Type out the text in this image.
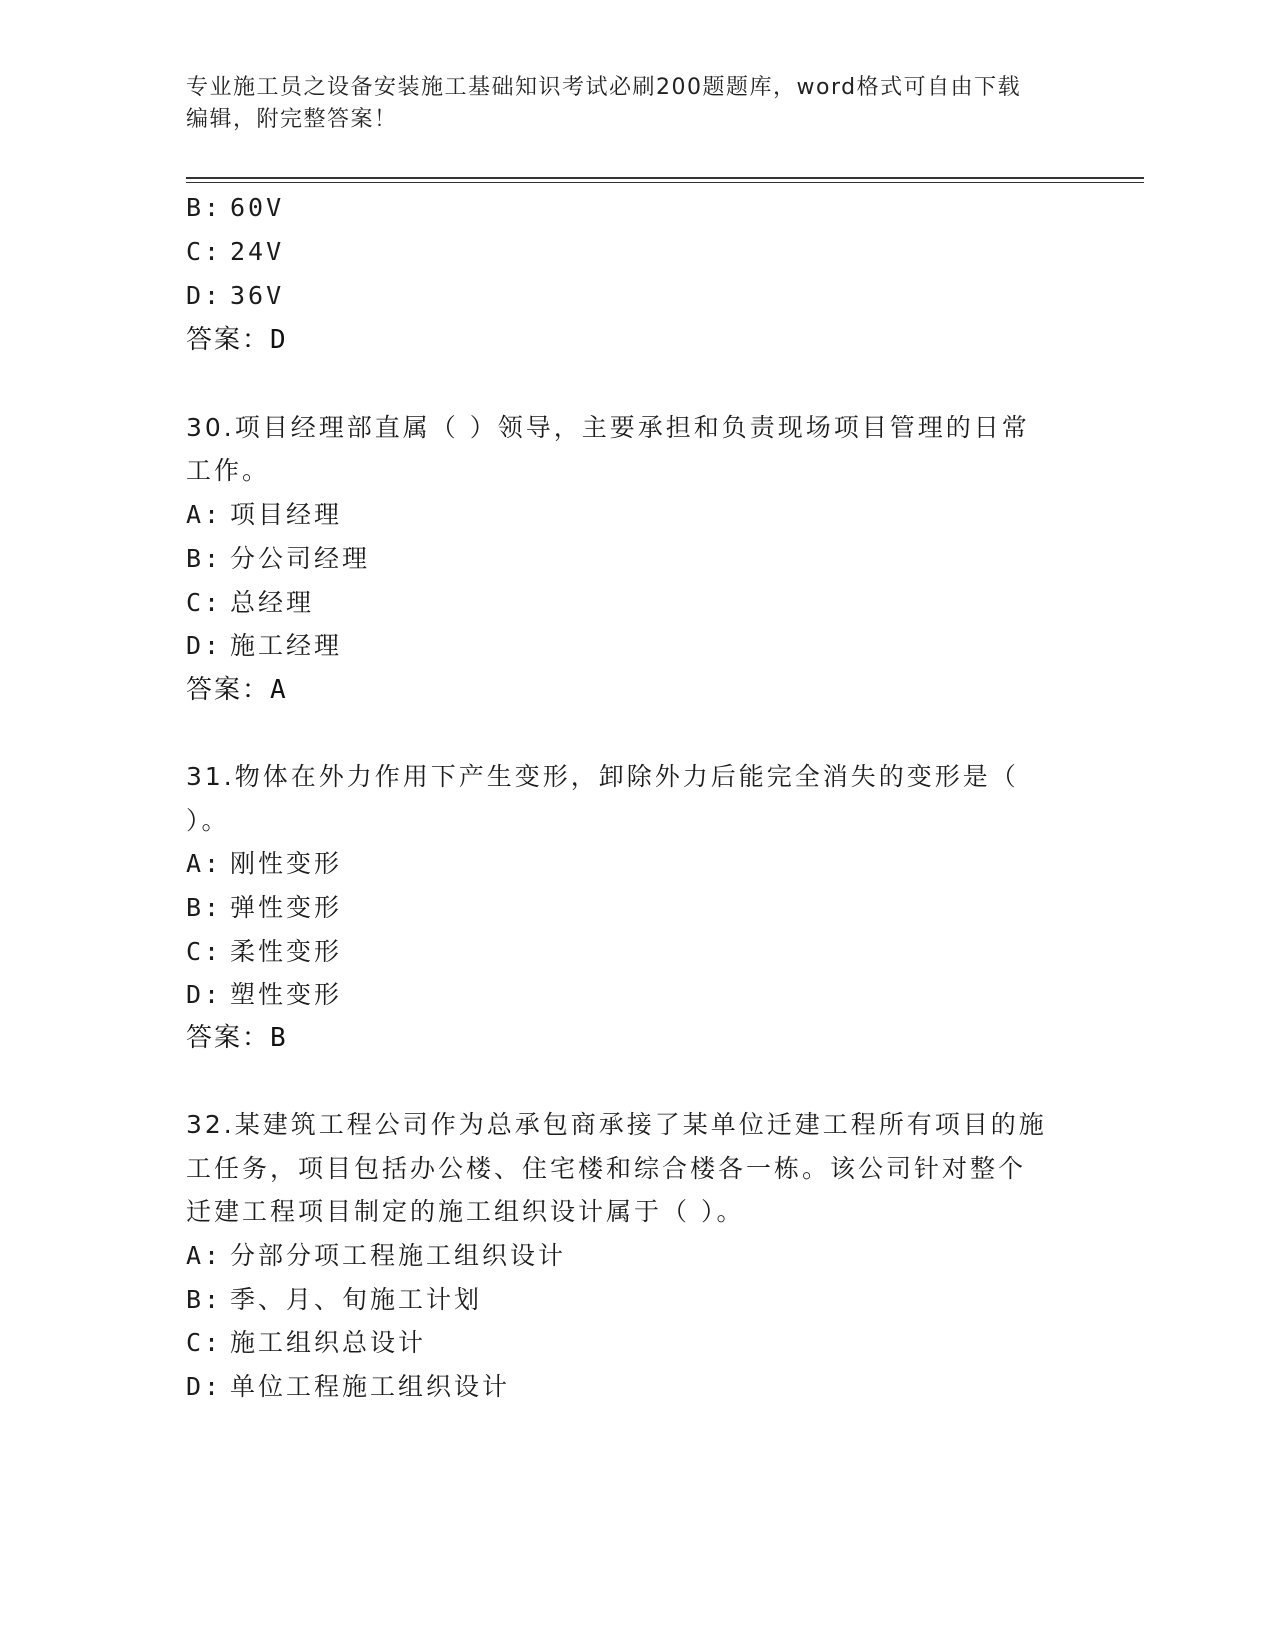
专业施工员之设备安装施工基础知识考试必刷200题题库，word格式可自由下载
编辑，附完整答案！
B: 60V
C: 24V
D: 36V
答案：D
30.项目经理部直属（ ）领导，主要承担和负责现场项目管理的日常
工作。
A: 项目经理
B: 分公司经理
C: 总经理
D: 施工经理
答案：A
31.物体在外力作用下产生变形，卸除外力后能完全消失的变形是（
）。
A: 刚性变形
B: 弹性变形
C: 柔性变形
D: 塑性变形
答案：B
32.某建筑工程公司作为总承包商承接了某单位迁建工程所有项目的施
工任务，项目包括办公楼、住宅楼和综合楼各一栋。该公司针对整个
迁建工程项目制定的施工组织设计属于（ ）。
A: 分部分项工程施工组织设计
B: 季、月、旬施工计划
C: 施工组织总设计
D: 单位工程施工组织设计
